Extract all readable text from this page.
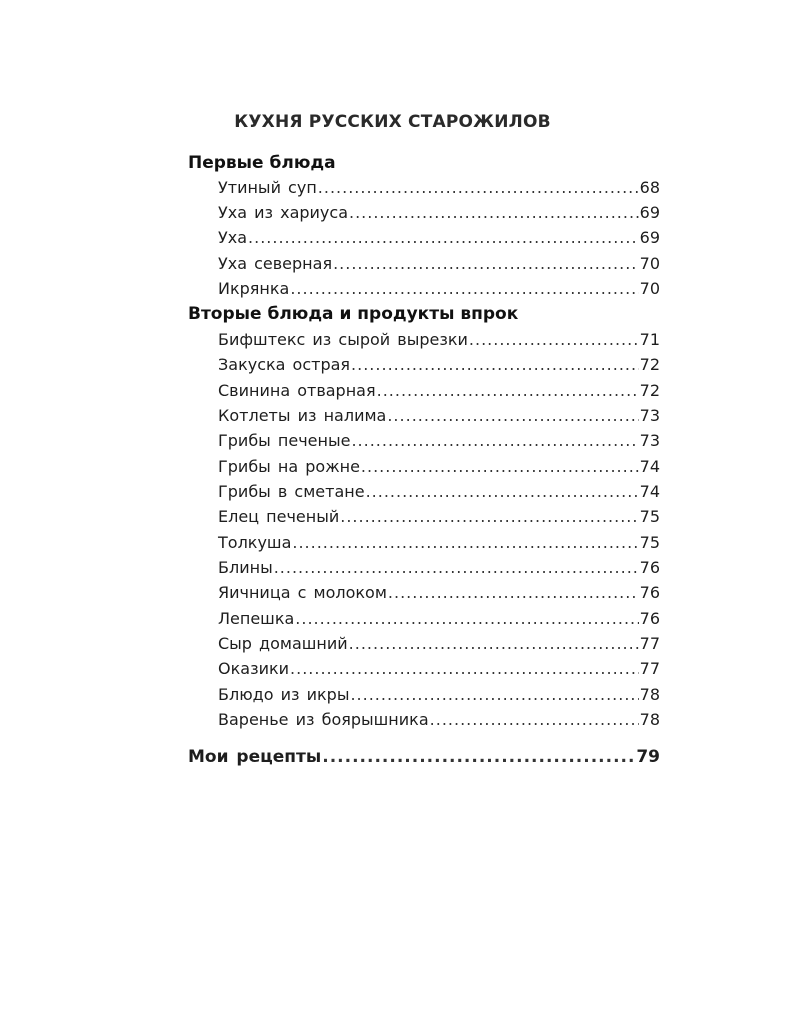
КУХНЯ РУССКИХ СТАРОЖИЛОВ
Первые блюда
Утиный суп .....	68
Уха из хариуса .....	69
Уха .....	69
Уха северная .....	70
Икрянка .....	70
Вторые блюда и продукты впрок
Бифштекс из сырой вырезки .....	71
Закуска острая .....	72
Свинина отварная .....	72
Котлеты из налима .....	73
Грибы печеные .....	73
Грибы на рожне .....	74
Грибы в сметане .....	74
Елец печеный .....	75
Толкуша .....	75
Блины .....	76
Яичница с молоком .....	76
Лепешка .....	76
Сыр домашний .....	77
Оказики .....	77
Блюдо из икры .....	78
Варенье из боярышника .....	78
Мои рецепты .....	79
